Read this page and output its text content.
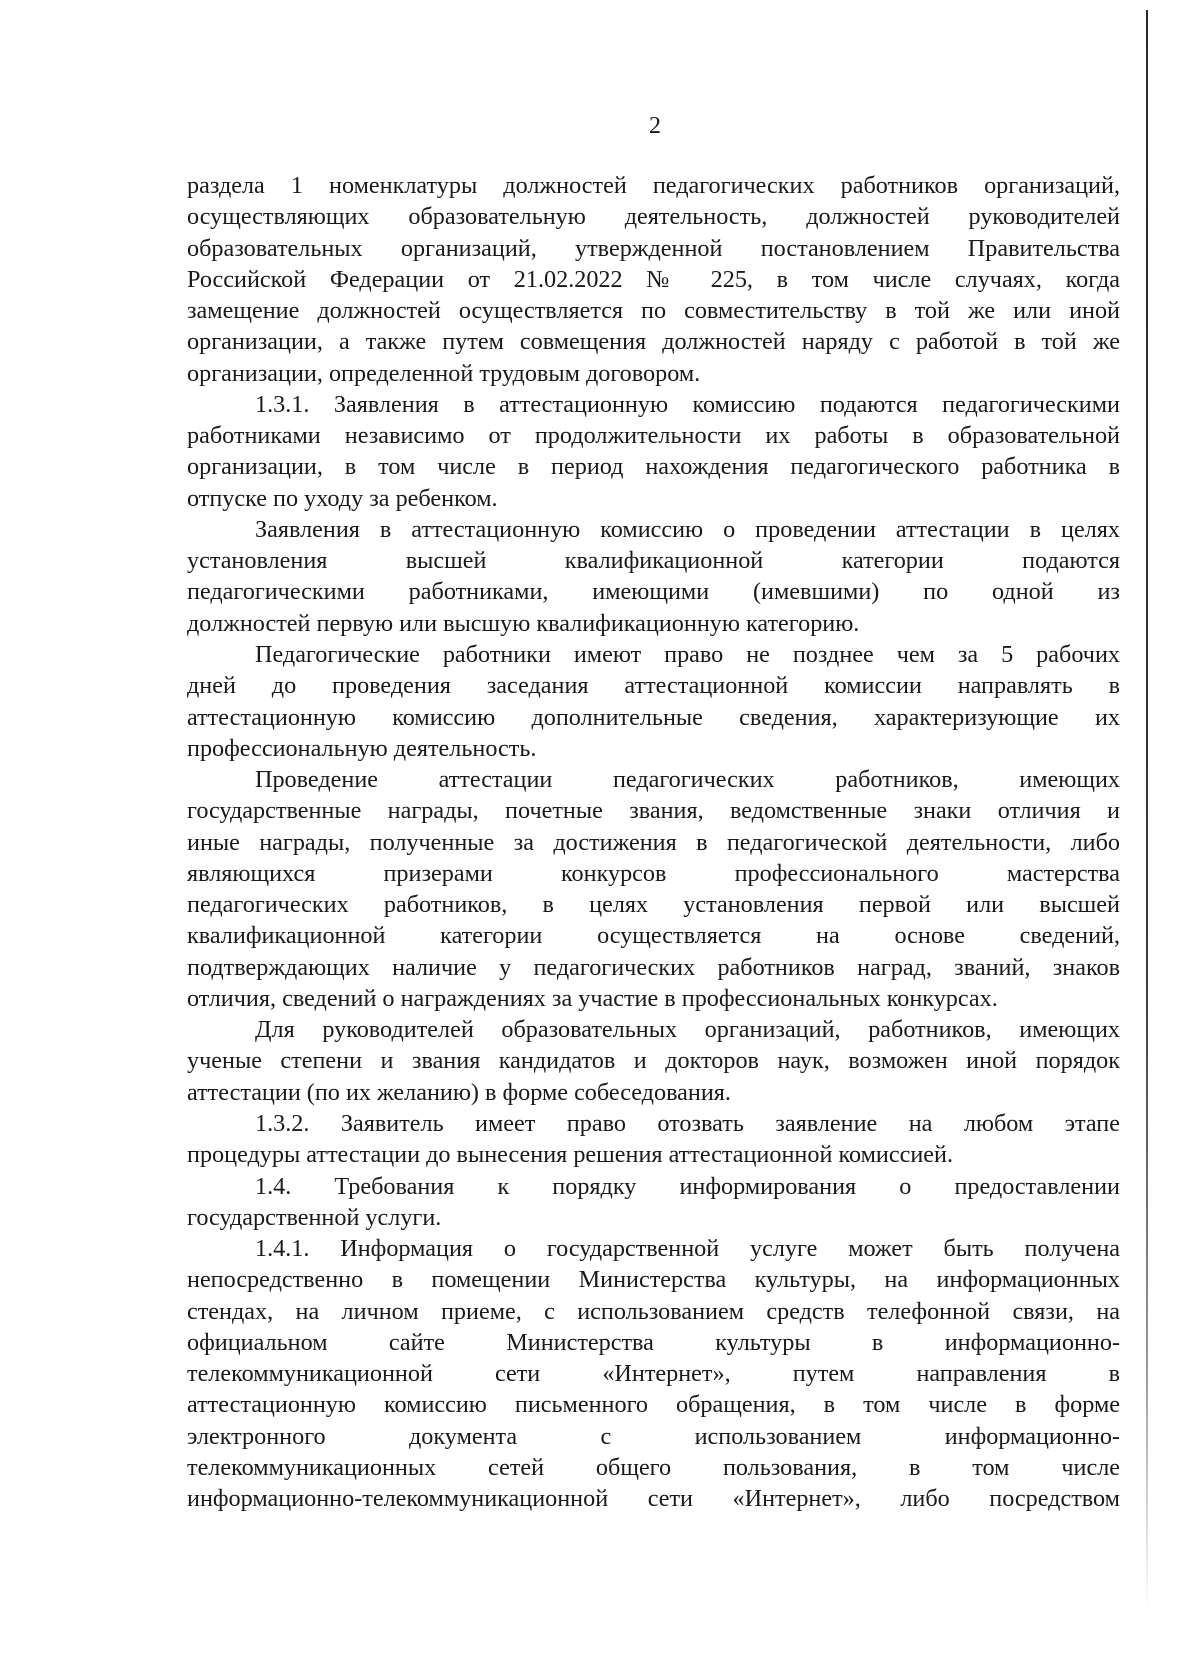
2
раздела 1 номенклатуры должностей педагогических работников организаций,
осуществляющих образовательную деятельность, должностей руководителей
образовательных организаций, утвержденной постановлением Правительства
Российской Федерации от 21.02.2022 № 225, в том числе случаях, когда
замещение должностей осуществляется по совместительству в той же или иной
организации, а также путем совмещения должностей наряду с работой в той же
организации, определенной трудовым договором.
1.3.1. Заявления в аттестационную комиссию подаются педагогическими
работниками независимо от продолжительности их работы в образовательной
организации, в том числе в период нахождения педагогического работника в
отпуске по уходу за ребенком.
Заявления в аттестационную комиссию о проведении аттестации в целях
установления высшей квалификационной категории подаются
педагогическими работниками, имеющими (имевшими) по одной из
должностей первую или высшую квалификационную категорию.
Педагогические работники имеют право не позднее чем за 5 рабочих
дней до проведения заседания аттестационной комиссии направлять в
аттестационную комиссию дополнительные сведения, характеризующие их
профессиональную деятельность.
Проведение аттестации педагогических работников, имеющих
государственные награды, почетные звания, ведомственные знаки отличия и
иные награды, полученные за достижения в педагогической деятельности, либо
являющихся призерами конкурсов профессионального мастерства
педагогических работников, в целях установления первой или высшей
квалификационной категории осуществляется на основе сведений,
подтверждающих наличие у педагогических работников наград, званий, знаков
отличия, сведений о награждениях за участие в профессиональных конкурсах.
Для руководителей образовательных организаций, работников, имеющих
ученые степени и звания кандидатов и докторов наук, возможен иной порядок
аттестации (по их желанию) в форме собеседования.
1.3.2. Заявитель имеет право отозвать заявление на любом этапе
процедуры аттестации до вынесения решения аттестационной комиссией.
1.4. Требования к порядку информирования о предоставлении
государственной услуги.
1.4.1. Информация о государственной услуге может быть получена
непосредственно в помещении Министерства культуры, на информационных
стендах, на личном приеме, с использованием средств телефонной связи, на
официальном сайте Министерства культуры в информационно-
телекоммуникационной сети «Интернет», путем направления в
аттестационную комиссию письменного обращения, в том числе в форме
электронного документа с использованием информационно-
телекоммуникационных сетей общего пользования, в том числе
информационно-телекоммуникационной сети «Интернет», либо посредством
